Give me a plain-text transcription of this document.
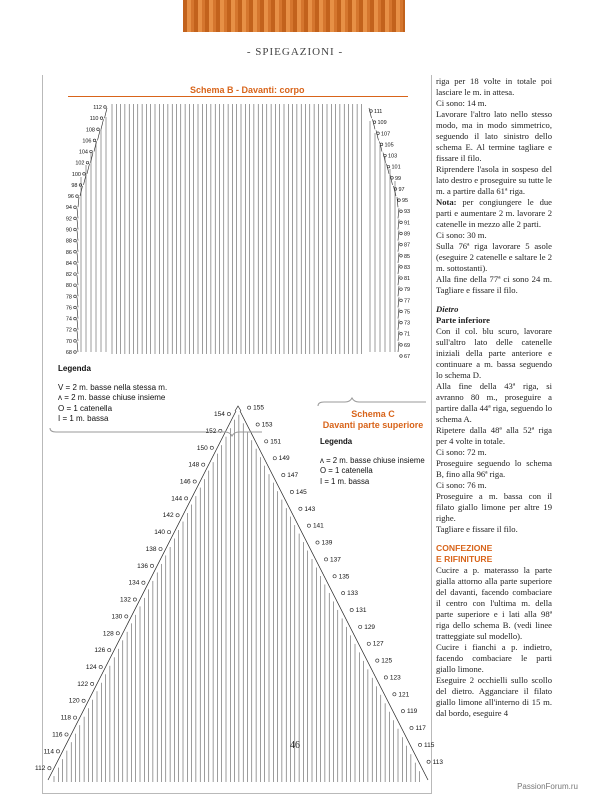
- SPIEGAZIONI -
Schema B - Davanti: corpo
112
111
110
109
108
107
106
105
104
103
102
101
100
99
98
97
96
95
94
93
92
91
90
89
88
87
86
85
84
83
82
81
80
79
78
77
76
75
74
73
72
71
70
69
68
67
154
155
152
153
150
151
148
149
146
147
144
145
142
143
140
141
138
139
136
137
134
135
132
133
130
131
128
129
126
127
124
125
122
123
120
121
118
119
116
117
114
115
112
113
Legenda
V = 2 m. basse nella stessa m.
ʌ = 2 m. basse chiuse insieme
O = 1 catenella
I = 1 m. bassa	Schema C
Davanti parte superiore
Legenda
ʌ = 2 m. basse chiuse insieme
O = 1 catenella
I = 1 m. bassa

riga per 18 volte in totale poi lasciare le m. in attesa.

Ci sono: 14 m.

Lavorare l'altro lato nello stesso modo, ma in modo simmetrico, seguendo il lato sinistro dello schema E. Al termine tagliare e fissare il filo.

Riprendere l'asola in sospeso del lato destro e proseguire su tutte le m. a partire dalla 61ª riga.

Nota: per congiungere le due parti e aumentare 2 m. lavorare 2 catenelle in mezzo alle 2 parti.

Ci sono: 30 m.

Sulla 76ª riga lavorare 5 asole (eseguire 2 catenelle e saltare le 2 m. sottostanti).

Alla fine della 77ª ci sono 24 m. Tagliare e fissare il filo.

Dietro

Parte inferiore

Con il col. blu scuro, lavorare sull'altro lato delle catenelle iniziali della parte anteriore e continuare a m. bassa seguendo lo schema D.

Alla fine della 43ª riga, si avranno 80 m., proseguire a partire dalla 44ª riga, seguendo lo schema A.

Ripetere dalla 48ª alla 52ª riga per 4 volte in totale.

Ci sono: 72 m.

Proseguire seguendo lo schema B, fino alla 96ª riga.

Ci sono: 76 m.

Proseguire a m. bassa con il filato giallo limone per altre 19 righe.

Tagliare e fissare il filo.

CONFEZIONE

E RIFINITURE

Cucire a p. materasso la parte gialla attorno alla parte superiore del davanti, facendo combaciare il centro con l'ultima m. della parte superiore e i lati alla 98ª riga dello schema B. (vedi linee tratteggiate sul modello).

Cucire i fianchi a p. indietro, facendo combaciare le parti giallo limone.

Eseguire 2 occhielli sullo scollo del dietro. Agganciare il filato giallo limone all'interno di 15 m. dal bordo, eseguire 4

46
PassionForum.ru
